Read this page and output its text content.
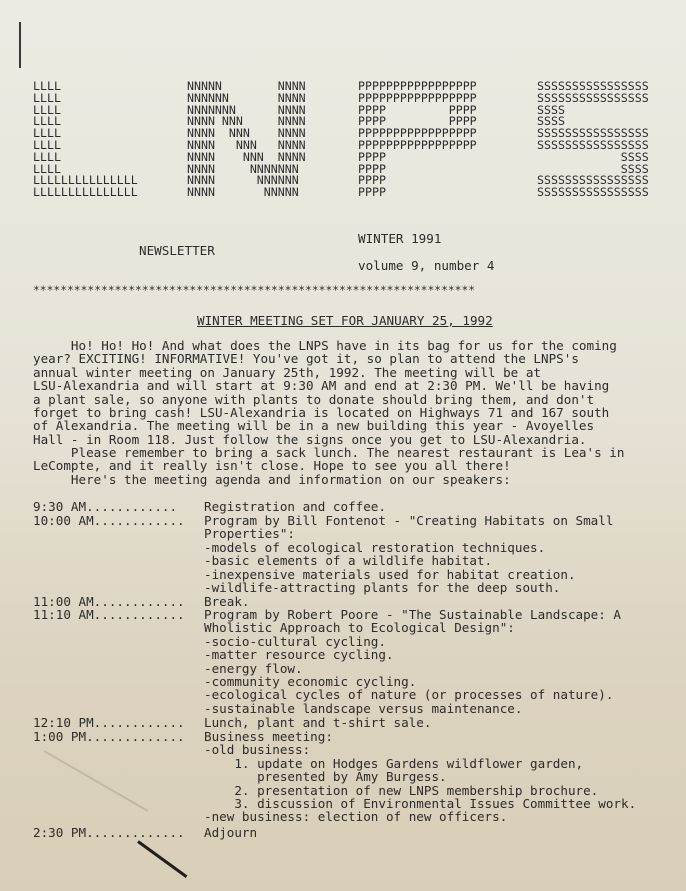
LLLL
LLLL
LLLL
LLLL
LLLL
LLLL
LLLL
LLLL
LLLLLLLLLLLLLLL
LLLLLLLLLLLLLLL
NNNNN        NNNN
NNNNNN       NNNN
NNNNNNN      NNNN
NNNN NNN     NNNN
NNNN  NNN    NNNN
NNNN   NNN   NNNN
NNNN    NNN  NNNN
NNNN     NNNNNNN
NNNN      NNNNNN
NNNN       NNNNN
PPPPPPPPPPPPPPPPP
PPPPPPPPPPPPPPPPP
PPPP         PPPP
PPPP         PPPP
PPPPPPPPPPPPPPPPP
PPPPPPPPPPPPPPPPP
PPPP
PPPP
PPPP
PPPP
SSSSSSSSSSSSSSSS
SSSSSSSSSSSSSSSS
SSSS
SSSS
SSSSSSSSSSSSSSSS
SSSSSSSSSSSSSSSS
SSSS
SSSS
SSSSSSSSSSSSSSSS
SSSSSSSSSSSSSSSS
NEWSLETTER
WINTER 1991
volume 9, number 4
*****************************************************************
WINTER MEETING SET FOR JANUARY 25, 1992
Ho! Ho! Ho! And what does the LNPS have in its bag for us for the coming
year? EXCITING! INFORMATIVE! You've got it, so plan to attend the LNPS's
annual winter meeting on January 25th, 1992. The meeting will be at
LSU-Alexandria and will start at 9:30 AM and end at 2:30 PM. We'll be having
a plant sale, so anyone with plants to donate should bring them, and don't
forget to bring cash! LSU-Alexandria is located on Highways 71 and 167 south
of Alexandria. The meeting will be in a new building this year - Avoyelles
Hall - in Room 118. Just follow the signs once you get to LSU-Alexandria.
Please remember to bring a sack lunch. The nearest restaurant is Lea's in
LeCompte, and it really isn't close. Hope to see you all there!
Here's the meeting agenda and information on our speakers:
9:30 AM............ Registration and coffee.
10:00 AM............ Program by Bill Fontenot - "Creating Habitats on Small
Properties":
-models of ecological restoration techniques.
-basic elements of a wildlife habitat.
-inexpensive materials used for habitat creation.
-wildlife-attracting plants for the deep south.
11:00 AM............ Break.
11:10 AM............ Program by Robert Poore - "The Sustainable Landscape: A
Wholistic Approach to Ecological Design":
-socio-cultural cycling.
-matter resource cycling.
-energy flow.
-community economic cycling.
-ecological cycles of nature (or processes of nature).
-sustainable landscape versus maintenance.
12:10 PM............ Lunch, plant and t-shirt sale.
1:00 PM............. Business meeting:
-old business:
1. update on Hodges Gardens wildflower garden,
presented by Amy Burgess.
2. presentation of new LNPS membership brochure.
3. discussion of Environmental Issues Committee work.
-new business: election of new officers.
2:30 PM............. Adjourn
